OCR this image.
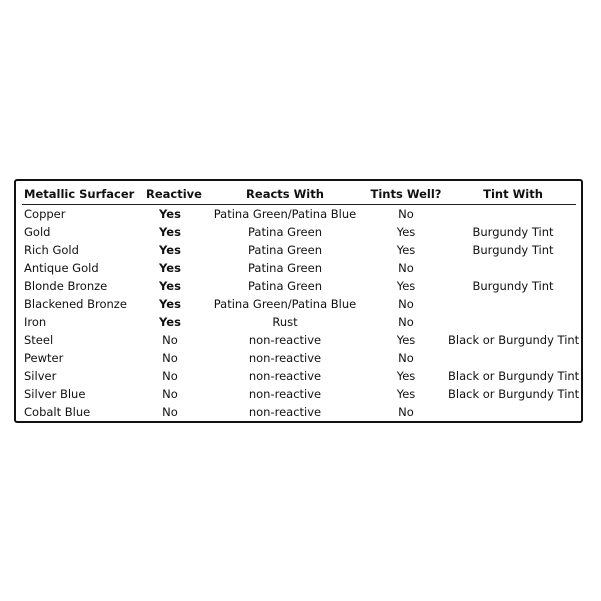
Metallic Surfacer	Reactive	Reacts With	Tints Well?	Tint With
Copper	Yes	Patina Green/Patina Blue	No
Gold	Yes	Patina Green	Yes	Burgundy Tint
Rich Gold	Yes	Patina Green	Yes	Burgundy Tint
Antique Gold	Yes	Patina Green	No
Blonde Bronze	Yes	Patina Green	Yes	Burgundy Tint
Blackened Bronze	Yes	Patina Green/Patina Blue	No
Iron	Yes	Rust	No
Steel	No	non-reactive	Yes	Black or Burgundy Tint
Pewter	No	non-reactive	No
Silver	No	non-reactive	Yes	Black or Burgundy Tint
Silver Blue	No	non-reactive	Yes	Black or Burgundy Tint
Cobalt Blue	No	non-reactive	No
